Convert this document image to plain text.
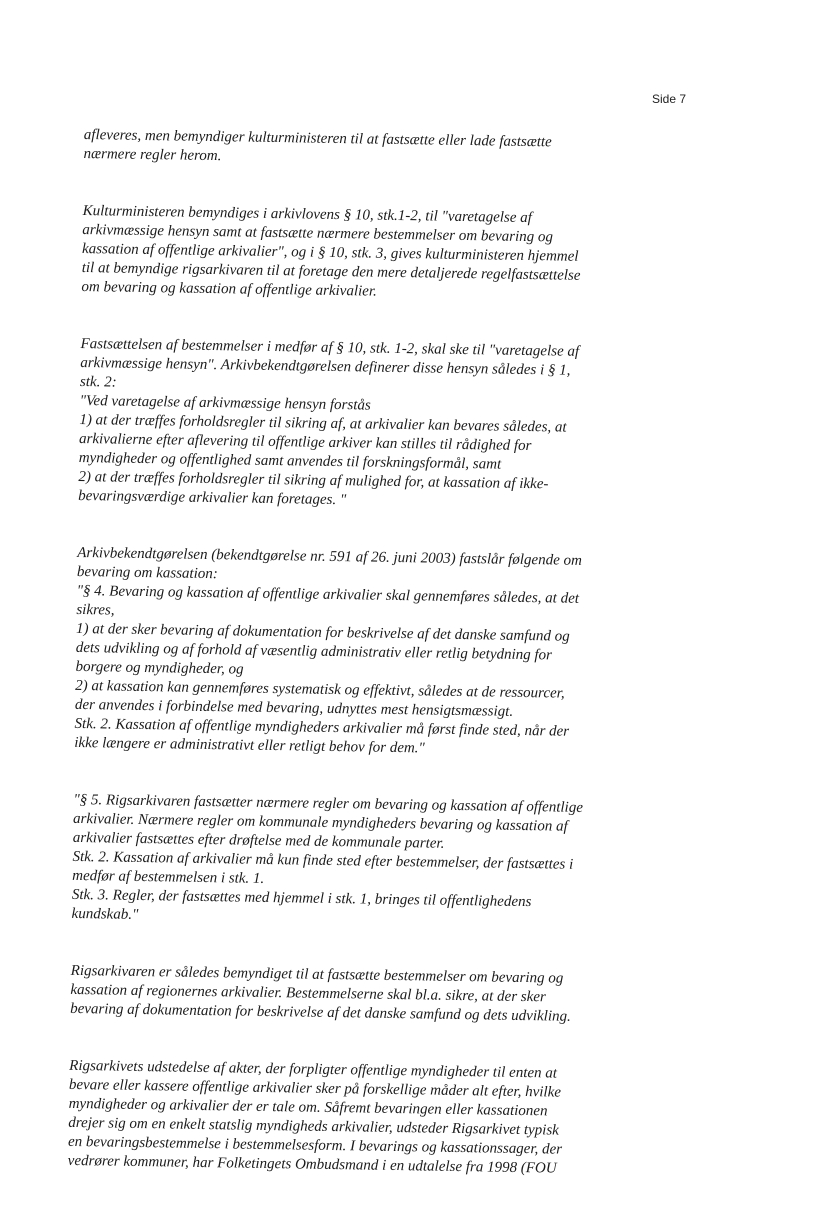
Side 7
afleveres, men bemyndiger kulturministeren til at fastsætte eller lade fastsætte
nærmere regler herom.
Kulturministeren bemyndiges i arkivlovens § 10, stk.1-2, til "varetagelse af
arkivmæssige hensyn samt at fastsætte nærmere bestemmelser om bevaring og
kassation af offentlige arkivalier", og i § 10, stk. 3, gives kulturministeren hjemmel
til at bemyndige rigsarkivaren til at foretage den mere detaljerede regelfastsættelse
om bevaring og kassation af offentlige arkivalier.
Fastsættelsen af bestemmelser i medfør af § 10, stk. 1-2, skal ske til "varetagelse af
arkivmæssige hensyn". Arkivbekendtgørelsen definerer disse hensyn således i § 1,
stk. 2:
"Ved varetagelse af arkivmæssige hensyn forstås
1) at der træffes forholdsregler til sikring af, at arkivalier kan bevares således, at
arkivalierne efter aflevering til offentlige arkiver kan stilles til rådighed for
myndigheder og offentlighed samt anvendes til forskningsformål, samt
2) at der træffes forholdsregler til sikring af mulighed for, at kassation af ikke-
bevaringsværdige arkivalier kan foretages. "
Arkivbekendtgørelsen (bekendtgørelse nr. 591 af 26. juni 2003) fastslår følgende om
bevaring om kassation:
"§ 4. Bevaring og kassation af offentlige arkivalier skal gennemføres således, at det
sikres,
1) at der sker bevaring af dokumentation for beskrivelse af det danske samfund og
dets udvikling og af forhold af væsentlig administrativ eller retlig betydning for
borgere og myndigheder, og
2) at kassation kan gennemføres systematisk og effektivt, således at de ressourcer,
der anvendes i forbindelse med bevaring, udnyttes mest hensigtsmæssigt.
Stk. 2. Kassation af offentlige myndigheders arkivalier må først finde sted, når der
ikke længere er administrativt eller retligt behov for dem."
"§ 5. Rigsarkivaren fastsætter nærmere regler om bevaring og kassation af offentlige
arkivalier. Nærmere regler om kommunale myndigheders bevaring og kassation af
arkivalier fastsættes efter drøftelse med de kommunale parter.
Stk. 2. Kassation af arkivalier må kun finde sted efter bestemmelser, der fastsættes i
medfør af bestemmelsen i stk. 1.
Stk. 3. Regler, der fastsættes med hjemmel i stk. 1, bringes til offentlighedens
kundskab."
Rigsarkivaren er således bemyndiget til at fastsætte bestemmelser om bevaring og
kassation af regionernes arkivalier. Bestemmelserne skal bl.a. sikre, at der sker
bevaring af dokumentation for beskrivelse af det danske samfund og dets udvikling.
Rigsarkivets udstedelse af akter, der forpligter offentlige myndigheder til enten at
bevare eller kassere offentlige arkivalier sker på forskellige måder alt efter, hvilke
myndigheder og arkivalier der er tale om. Såfremt bevaringen eller kassationen
drejer sig om en enkelt statslig myndigheds arkivalier, udsteder Rigsarkivet typisk
en bevaringsbestemmelse i bestemmelsesform. I bevarings og kassationssager, der
vedrører kommuner, har Folketingets Ombudsmand i en udtalelse fra 1998 (FOU
